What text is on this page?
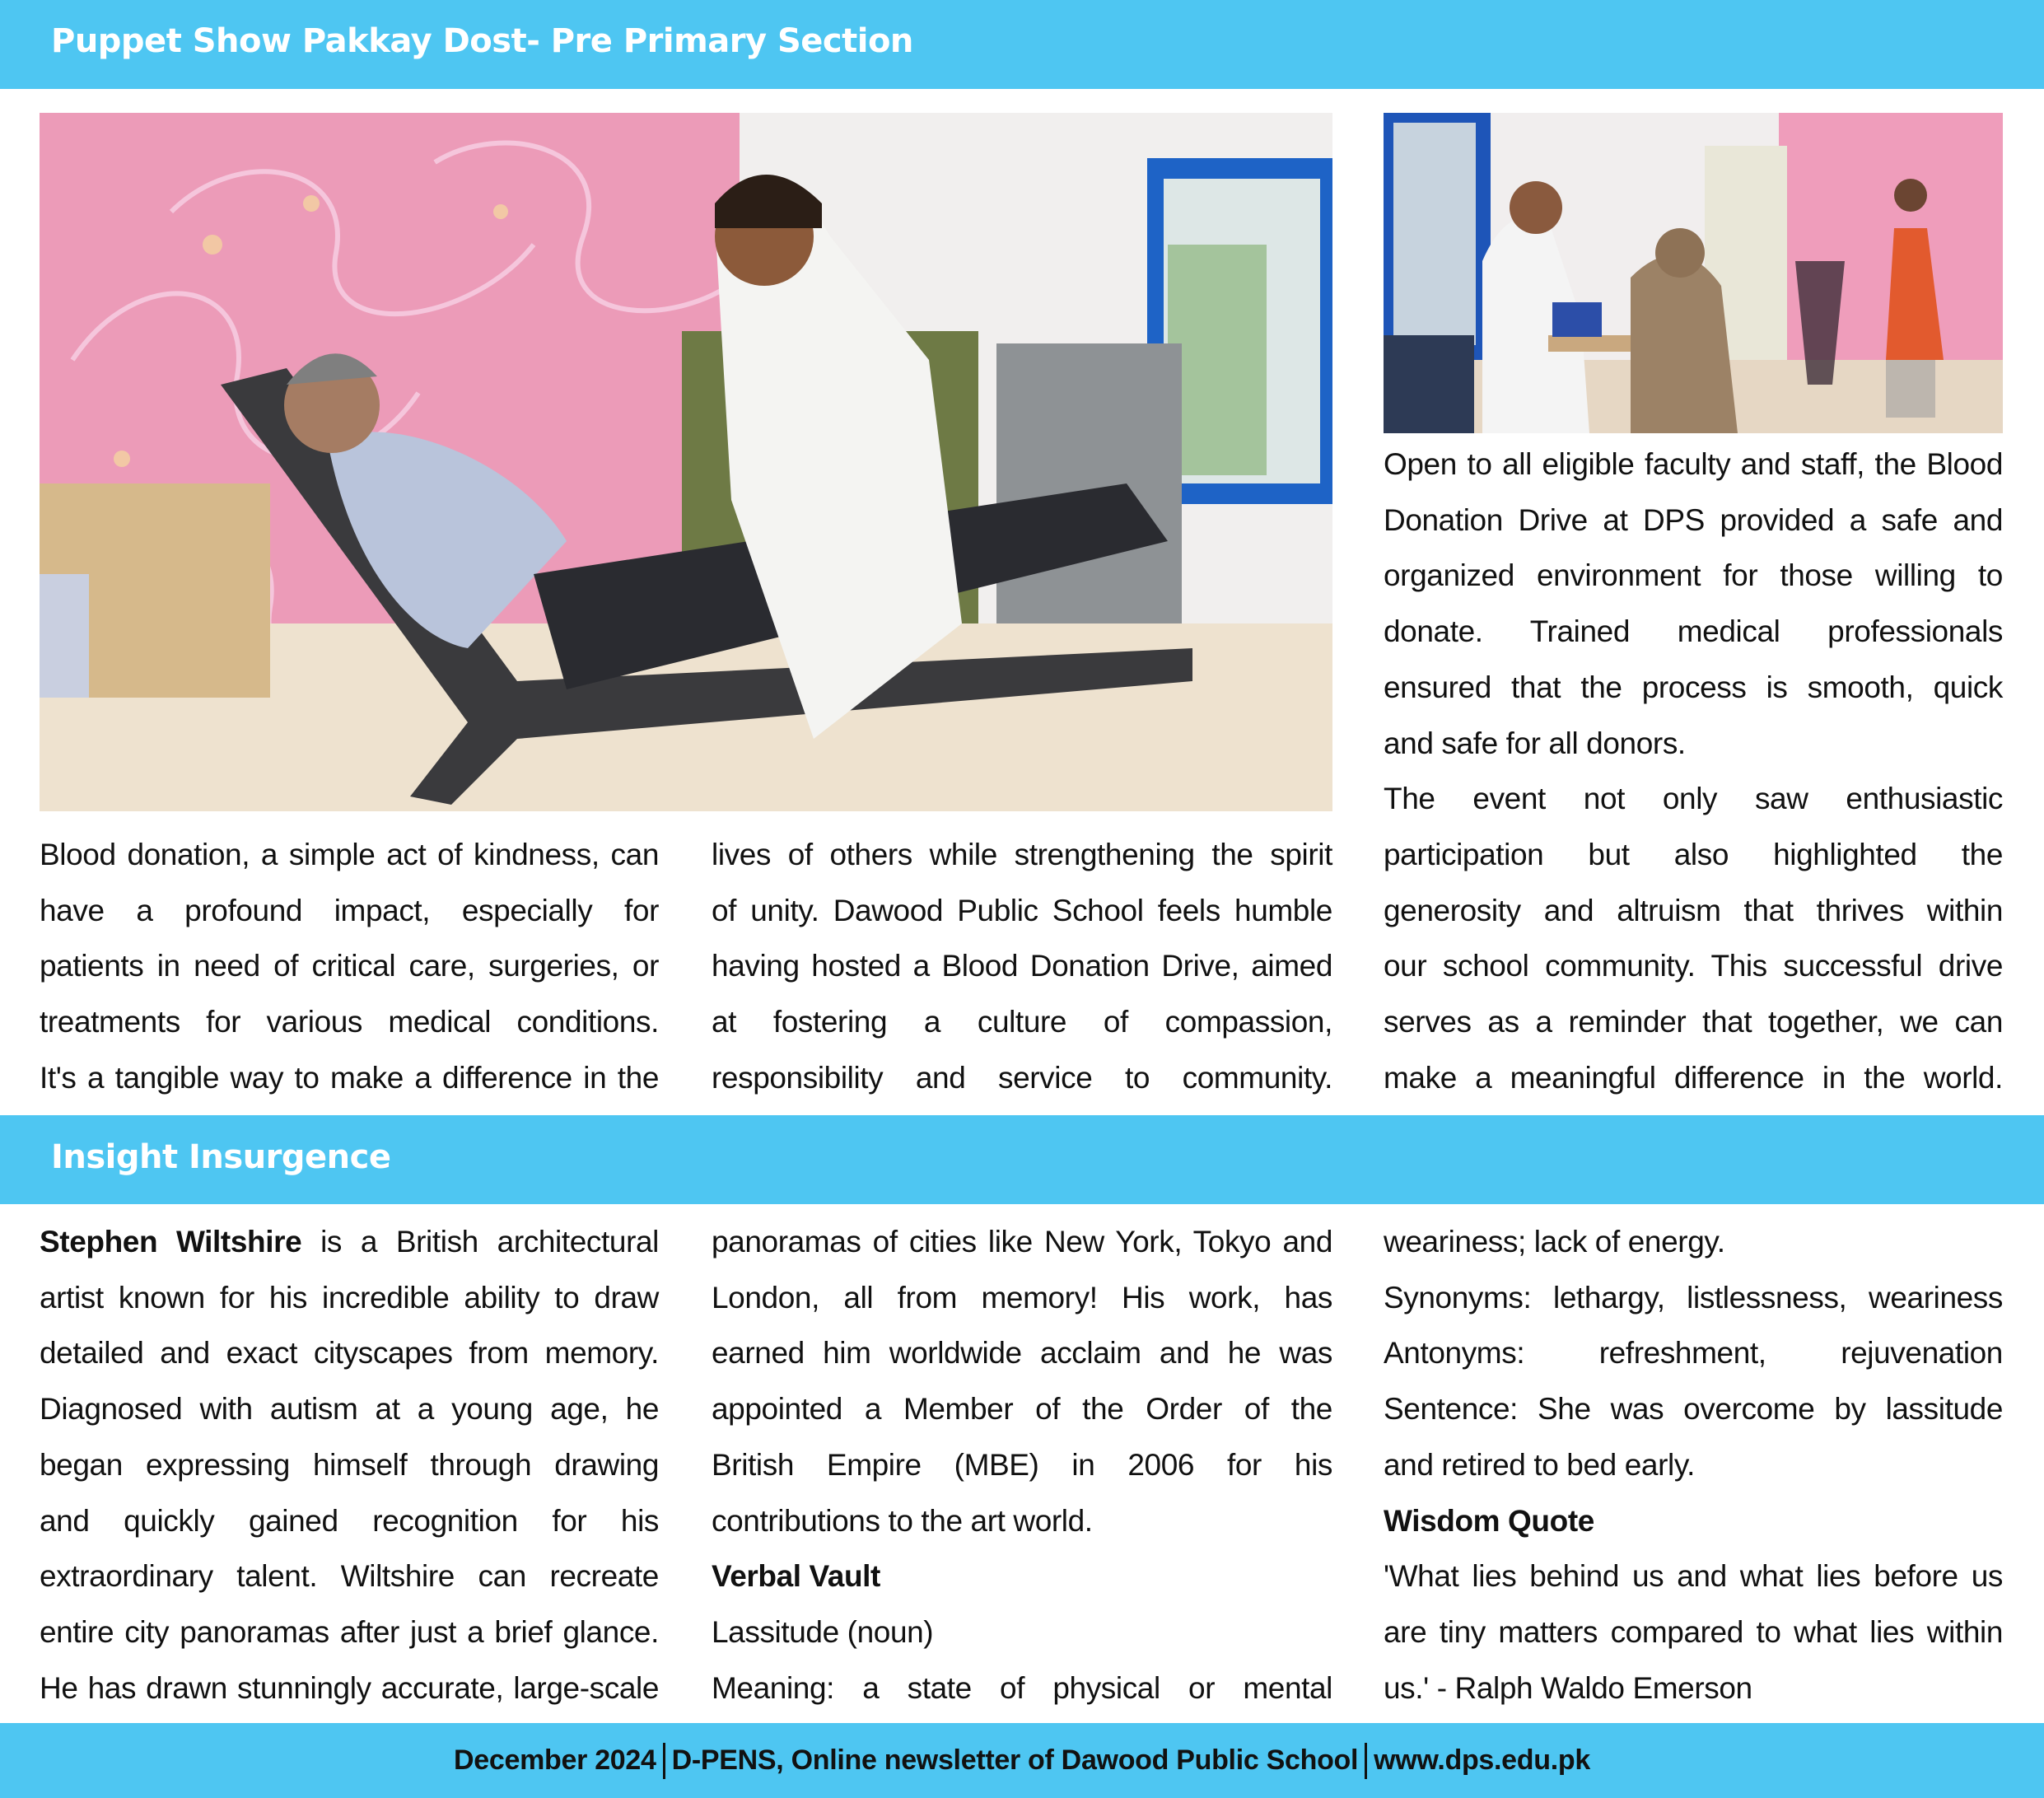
Puppet Show Pakkay Dost- Pre Primary Section
Blood donation, a simple act of kindness, can
have a profound impact, especially for
patients in need of critical care, surgeries, or
treatments for various medical conditions.
It's a tangible way to make a difference in the
lives of others while strengthening the spirit
of unity. Dawood Public School feels humble
having hosted a Blood Donation Drive, aimed
at fostering a culture of compassion,
responsibility and service to community.
Open to all eligible faculty and staff, the Blood
Donation Drive at DPS provided a safe and
organized environment for those willing to
donate. Trained medical professionals
ensured that the process is smooth, quick
and safe for all donors.
The event not only saw enthusiastic
participation but also highlighted the
generosity and altruism that thrives within
our school community. This successful drive
serves as a reminder that together, we can
make a meaningful difference in the world.
Insight Insurgence
Stephen Wiltshire is a British architectural
artist known for his incredible ability to draw
detailed and exact cityscapes from memory.
Diagnosed with autism at a young age, he
began expressing himself through drawing
and quickly gained recognition for his
extraordinary talent. Wiltshire can recreate
entire city panoramas after just a brief glance.
He has drawn stunningly accurate, large-scale
panoramas of cities like New York, Tokyo and
London, all from memory! His work, has
earned him worldwide acclaim and he was
appointed a Member of the Order of the
British Empire (MBE) in 2006 for his
contributions to the art world.
Verbal Vault
Lassitude (noun)
Meaning: a state of physical or mental
weariness; lack of energy.
Synonyms: lethargy, listlessness, weariness
Antonyms: refreshment, rejuvenation
Sentence: She was overcome by lassitude
and retired to bed early.
Wisdom Quote
'What lies behind us and what lies before us
are tiny matters compared to what lies within
us.' - Ralph Waldo Emerson
December 2024 D-PENS, Online newsletter of Dawood Public School www.dps.edu.pk
